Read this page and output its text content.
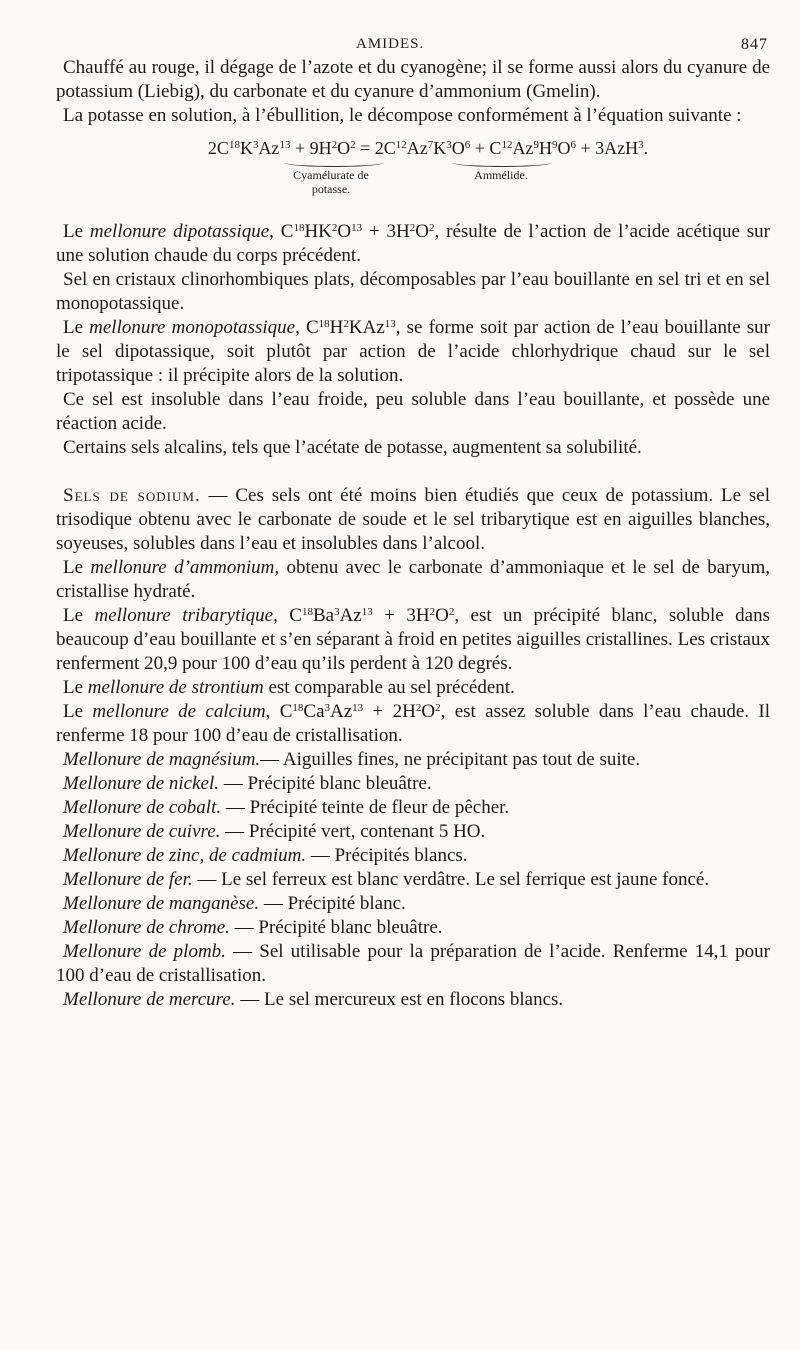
AMIDES.	847

Chauffé au rouge, il dégage de l’azote et du cyanogène; il se forme aussi alors du cyanure de potassium (Liebig), du carbonate et du cyanure d’ammonium (Gmelin).

La potasse en solution, à l’ébullition, le décompose conformément à l’équation suivante :

$2C^{18}K^3Az^{13} + 9H^2O^2 = 2C^{12}Az^7K^3O^6 + C^{12}Az^9H^9O^6 + 3AzH^3$.
Cyamélurate de potasse.
Ammélide.

Le mellonure dipotassique, $C^{18}HK^2O^{13} + 3H^2O^2$, résulte de l’action de l’acide acétique sur une solution chaude du corps précédent.

Sel en cristaux clinorhombiques plats, décomposables par l’eau bouillante en sel tri et en sel monopotassique.

Le mellonure monopotassique, $C^{18}H^2KAz^{13}$, se forme soit par action de l’eau bouillante sur le sel dipotassique, soit plutôt par action de l’acide chlorhydrique chaud sur le sel tripotassique : il précipite alors de la solution.

Ce sel est insoluble dans l’eau froide, peu soluble dans l’eau bouillante, et possède une réaction acide.

Certains sels alcalins, tels que l’acétate de potasse, augmentent sa solubilité.

Sels de sodium. — Ces sels ont été moins bien étudiés que ceux de potassium. Le sel trisodique obtenu avec le carbonate de soude et le sel tribarytique est en aiguilles blanches, soyeuses, solubles dans l’eau et insolubles dans l’alcool.

Le mellonure d’ammonium, obtenu avec le carbonate d’ammoniaque et le sel de baryum, cristallise hydraté.

Le mellonure tribarytique, $C^{18}Ba^3Az^{13} + 3H^2O^2$, est un précipité blanc, soluble dans beaucoup d’eau bouillante et s’en séparant à froid en petites aiguilles cristallines. Les cristaux renferment 20,9 pour 100 d’eau qu’ils perdent à 120 degrés.

Le mellonure de strontium est comparable au sel précédent.

Le mellonure de calcium, $C^{18}Ca^3Az^{13} + 2H^2O^2$, est assez soluble dans l’eau chaude. Il renferme 18 pour 100 d’eau de cristallisation.

Mellonure de magnésium.— Aiguilles fines, ne précipitant pas tout de suite.

Mellonure de nickel. — Précipité blanc bleuâtre.

Mellonure de cobalt. — Précipité teinte de fleur de pêcher.

Mellonure de cuivre. — Précipité vert, contenant 5 HO.

Mellonure de zinc, de cadmium. — Précipités blancs.

Mellonure de fer. — Le sel ferreux est blanc verdâtre. Le sel ferrique est jaune foncé.

Mellonure de manganèse. — Précipité blanc.

Mellonure de chrome. — Précipité blanc bleuâtre.

Mellonure de plomb. — Sel utilisable pour la préparation de l’acide. Renferme 14,1 pour 100 d’eau de cristallisation.

Mellonure de mercure. — Le sel mercureux est en flocons blancs.
